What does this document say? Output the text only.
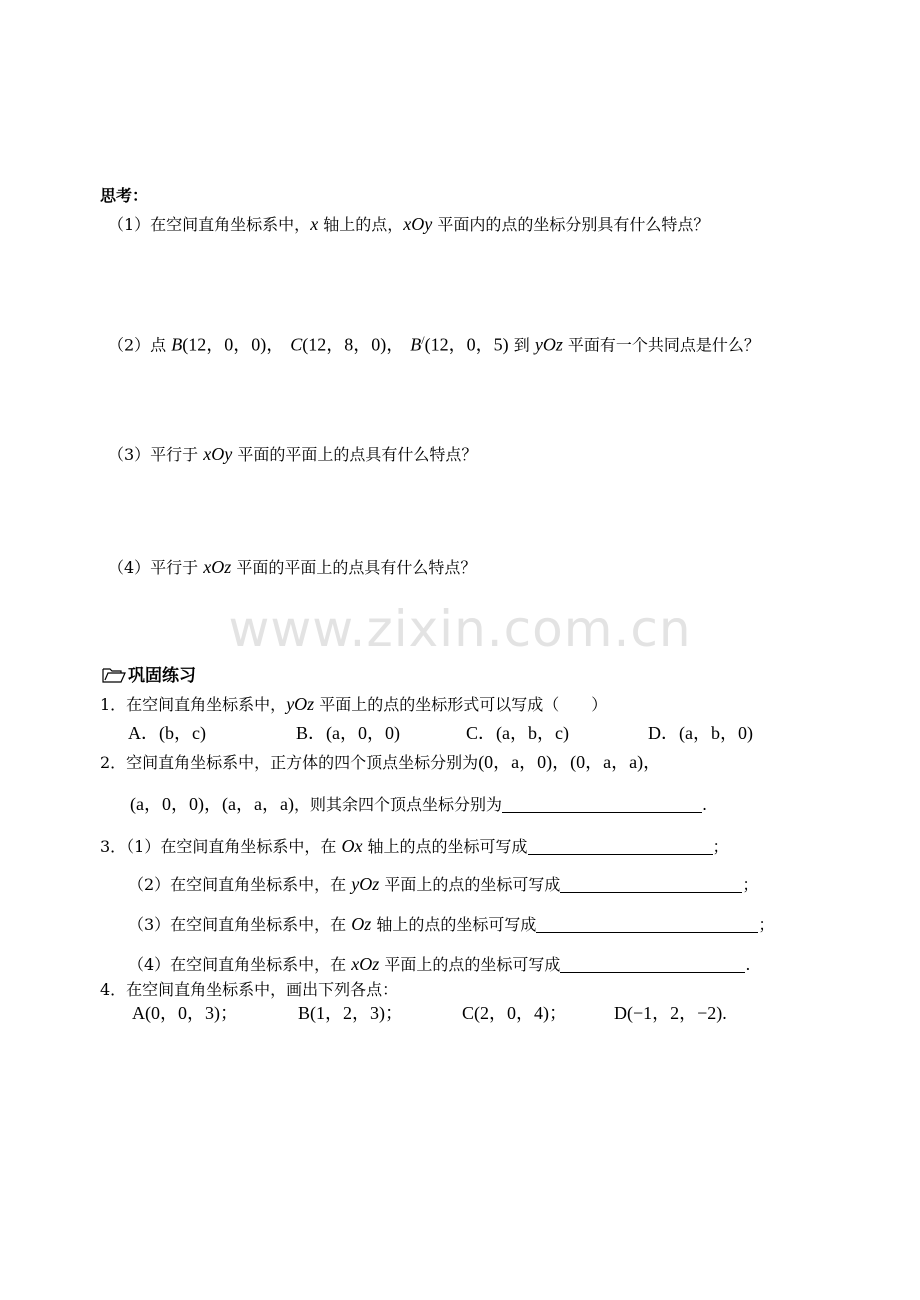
思考：
（1）在空间直角坐标系中，x 轴上的点，xOy 平面内的点的坐标分别具有什么特点？
（2）点 B(12，0，0)， C(12，8，0)， B/(12，0，5) 到 yOz 平面有一个共同点是什么？
（3）平行于 xOy 平面的平面上的点具有什么特点？
（4）平行于 xOz 平面的平面上的点具有什么特点？
www.zixin.com.cn
巩固练习
1．在空间直角坐标系中，yOz 平面上的点的坐标形式可以写成（　　）
A．(b，c)	B．(a，0，0)	C．(a，b，c)	D．(a，b，0)
2．空间直角坐标系中，正方体的四个顶点坐标分别为(0，a，0)，(0，a，a)，
(a，0，0)，(a，a，a)，则其余四个顶点坐标分别为	.
3．（1）在空间直角坐标系中，在 Ox 轴上的点的坐标可写成	；
（2）在空间直角坐标系中，在 yOz 平面上的点的坐标可写成	；
（3）在空间直角坐标系中，在 Oz 轴上的点的坐标可写成	；
（4）在空间直角坐标系中，在 xOz 平面上的点的坐标可写成	.
4．在空间直角坐标系中，画出下列各点：
A(0，0，3)；	B(1，2，3)；	C(2，0，4)；	D(−1，2，−2).
